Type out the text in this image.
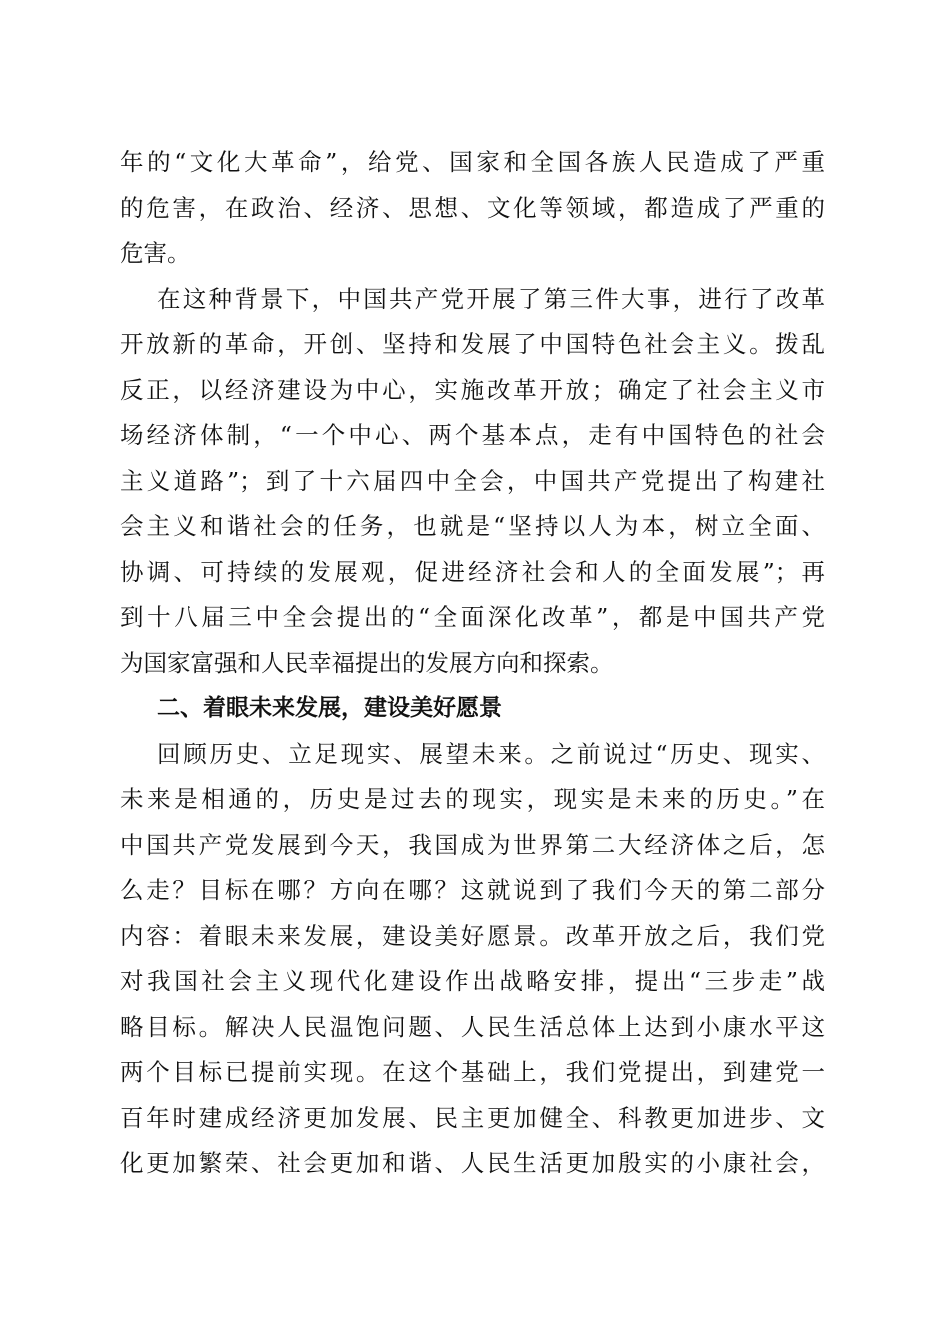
年的“文化大革命”，给党、国家和全国各族人民造成了严重
的危害，在政治、经济、思想、文化等领域，都造成了严重的
危害。
在这种背景下，中国共产党开展了第三件大事，进行了改革
开放新的革命，开创、坚持和发展了中国特色社会主义。拨乱
反正，以经济建设为中心，实施改革开放；确定了社会主义市
场经济体制，“一个中心、两个基本点，走有中国特色的社会
主义道路”；到了十六届四中全会，中国共产党提出了构建社
会主义和谐社会的任务，也就是“坚持以人为本，树立全面、
协调、可持续的发展观，促进经济社会和人的全面发展”；再
到十八届三中全会提出的“全面深化改革”，都是中国共产党
为国家富强和人民幸福提出的发展方向和探索。
二、着眼未来发展，建设美好愿景
回顾历史、立足现实、展望未来。之前说过“历史、现实、
未来是相通的，历史是过去的现实，现实是未来的历史。”在
中国共产党发展到今天，我国成为世界第二大经济体之后，怎
么走？目标在哪？方向在哪？这就说到了我们今天的第二部分
内容：着眼未来发展，建设美好愿景。改革开放之后，我们党
对我国社会主义现代化建设作出战略安排，提出“三步走”战
略目标。解决人民温饱问题、人民生活总体上达到小康水平这
两个目标已提前实现。在这个基础上，我们党提出，到建党一
百年时建成经济更加发展、民主更加健全、科教更加进步、文
化更加繁荣、社会更加和谐、人民生活更加殷实的小康社会，
